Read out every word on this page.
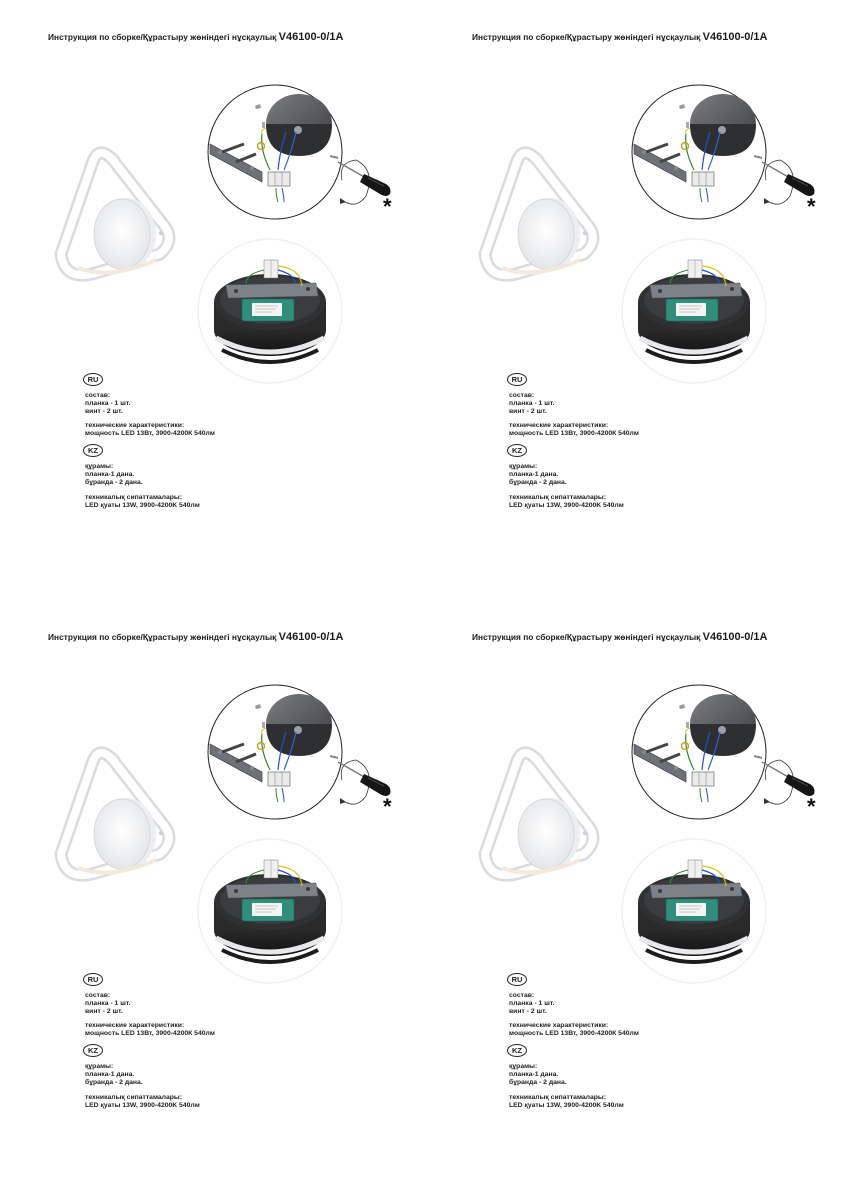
Инструкция по сборке/Құрастыру жөніндегі нұсқаулық V46100-0/1A
RU
состав:
планка - 1 шт.
винт - 2 шт.
технические характеристики:
мощность LED 13Вт, 3900-4200К 540лм
KZ
құрамы:
планка-1 дана.
бұранда - 2 дана.
техникалық сипаттамалары:
LED қуаты 13W, 3900-4200K 540лм
Инструкция по сборке/Құрастыру жөніндегі нұсқаулық V46100-0/1A
RU
состав:
планка - 1 шт.
винт - 2 шт.
технические характеристики:
мощность LED 13Вт, 3900-4200К 540лм
KZ
құрамы:
планка-1 дана.
бұранда - 2 дана.
техникалық сипаттамалары:
LED қуаты 13W, 3900-4200K 540лм
Инструкция по сборке/Құрастыру жөніндегі нұсқаулық V46100-0/1A
RU
состав:
планка - 1 шт.
винт - 2 шт.
технические характеристики:
мощность LED 13Вт, 3900-4200К 540лм
KZ
құрамы:
планка-1 дана.
бұранда - 2 дана.
техникалық сипаттамалары:
LED қуаты 13W, 3900-4200K 540лм
Инструкция по сборке/Құрастыру жөніндегі нұсқаулық V46100-0/1A
RU
состав:
планка - 1 шт.
винт - 2 шт.
технические характеристики:
мощность LED 13Вт, 3900-4200К 540лм
KZ
құрамы:
планка-1 дана.
бұранда - 2 дана.
техникалық сипаттамалары:
LED қуаты 13W, 3900-4200K 540лм
